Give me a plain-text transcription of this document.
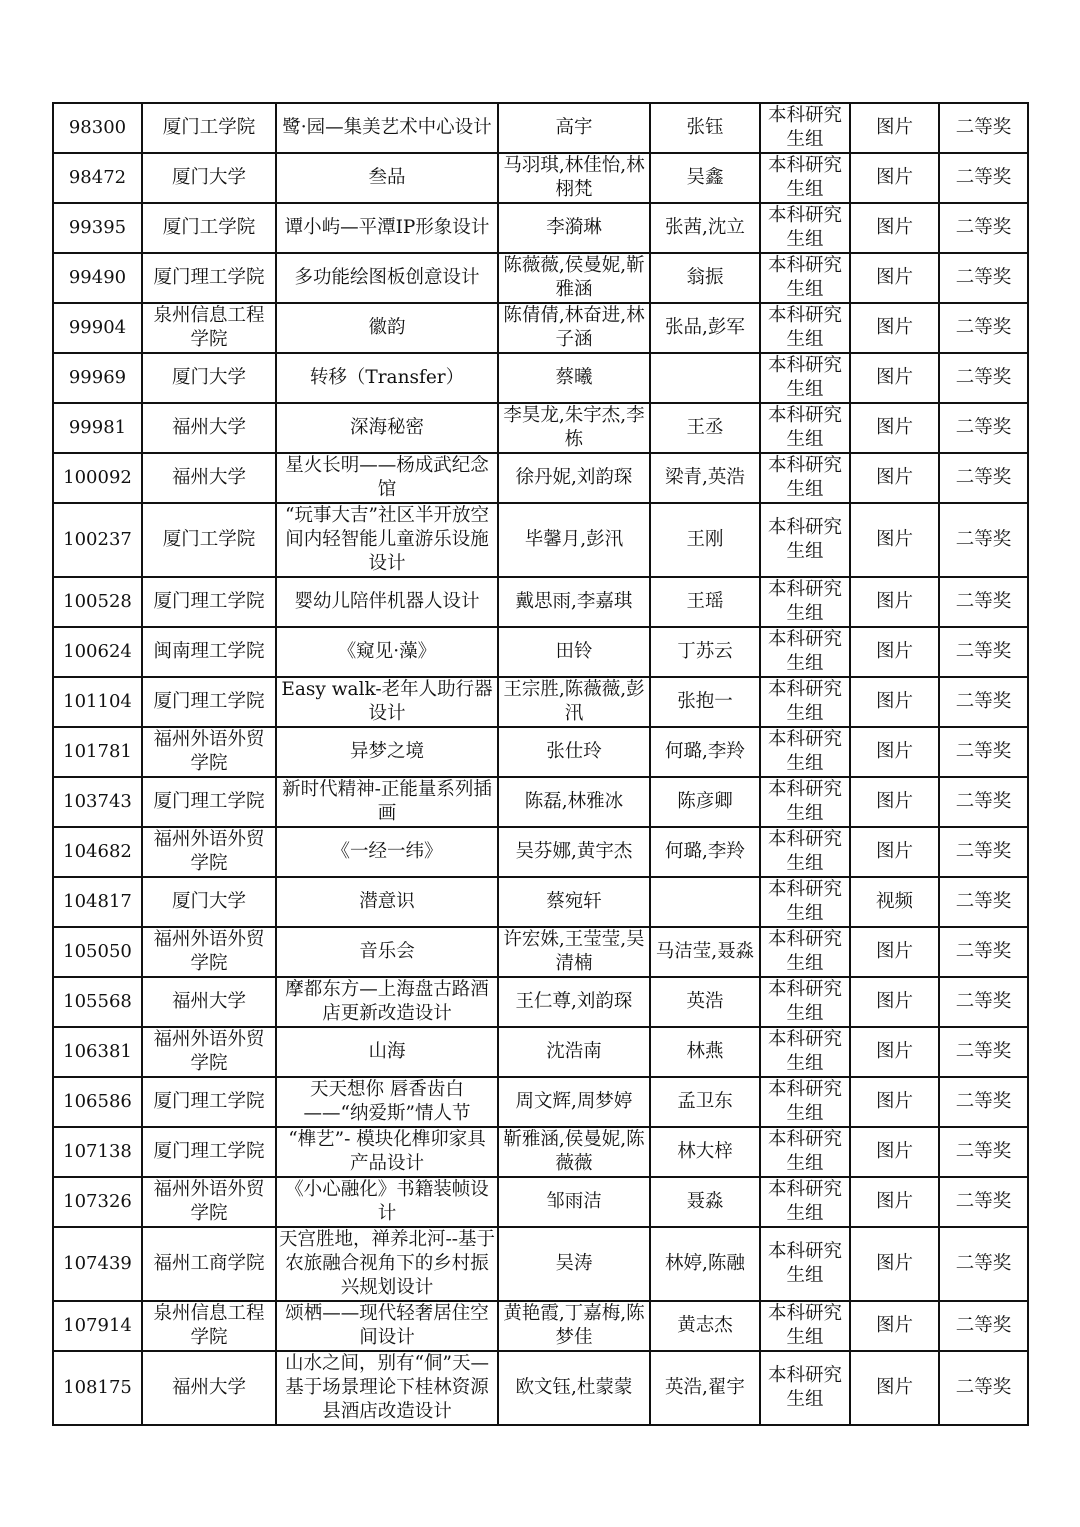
98300	厦门工学院	鹭·园—集美艺术中心设计	高宇	张钰	本科研究生组	图片	二等奖
98472	厦门大学	叁品	马羽琪,林佳怡,林栩梵	吴鑫	本科研究生组	图片	二等奖
99395	厦门工学院	谭小屿—平潭IP形象设计	李漪琳	张茜,沈立	本科研究生组	图片	二等奖
99490	厦门理工学院	多功能绘图板创意设计	陈薇薇,侯曼妮,靳雅涵	翁振	本科研究生组	图片	二等奖
99904	泉州信息工程学院	徽韵	陈倩倩,林奋进,林子涵	张品,彭军	本科研究生组	图片	二等奖
99969	厦门大学	转移（Transfer）	蔡曦		本科研究生组	图片	二等奖
99981	福州大学	深海秘密	李昊龙,朱宇杰,李栋	王丞	本科研究生组	图片	二等奖
100092	福州大学	星火长明——杨成武纪念馆	徐丹妮,刘韵琛	梁青,英浩	本科研究生组	图片	二等奖
100237	厦门工学院	“玩事大吉”社区半开放空间内轻智能儿童游乐设施设计	毕馨月,彭汛	王刚	本科研究生组	图片	二等奖
100528	厦门理工学院	婴幼儿陪伴机器人设计	戴思雨,李嘉琪	王瑶	本科研究生组	图片	二等奖
100624	闽南理工学院	《窥见·藻》	田铃	丁苏云	本科研究生组	图片	二等奖
101104	厦门理工学院	Easy walk-老年人助行器设计	王宗胜,陈薇薇,彭汛	张抱一	本科研究生组	图片	二等奖
101781	福州外语外贸学院	异梦之境	张仕玲	何璐,李羚	本科研究生组	图片	二等奖
103743	厦门理工学院	新时代精神-正能量系列插画	陈磊,林雅冰	陈彦卿	本科研究生组	图片	二等奖
104682	福州外语外贸学院	《一经一纬》	吴芬娜,黄宇杰	何璐,李羚	本科研究生组	图片	二等奖
104817	厦门大学	潜意识	蔡宛轩		本科研究生组	视频	二等奖
105050	福州外语外贸学院	音乐会	许宏姝,王莹莹,吴清楠	马洁莹,聂淼	本科研究生组	图片	二等奖
105568	福州大学	摩都东方—上海盘古路酒店更新改造设计	王仁尊,刘韵琛	英浩	本科研究生组	图片	二等奖
106381	福州外语外贸学院	山海	沈浩南	林燕	本科研究生组	图片	二等奖
106586	厦门理工学院	天天想你 唇香齿白——“纳爱斯”情人节	周文辉,周梦婷	孟卫东	本科研究生组	图片	二等奖
107138	厦门理工学院	“榫艺”- 模块化榫卯家具产品设计	靳雅涵,侯曼妮,陈薇薇	林大梓	本科研究生组	图片	二等奖
107326	福州外语外贸学院	《小心融化》书籍装帧设计	邹雨洁	聂淼	本科研究生组	图片	二等奖
107439	福州工商学院	天宫胜地，禅养北河--基于农旅融合视角下的乡村振兴规划设计	吴涛	林婷,陈融	本科研究生组	图片	二等奖
107914	泉州信息工程学院	颂栖——现代轻奢居住空间设计	黄艳霞,丁嘉梅,陈梦佳	黄志杰	本科研究生组	图片	二等奖
108175	福州大学	山水之间，别有“侗”天—基于场景理论下桂林资源县酒店改造设计	欧文钰,杜蒙蒙	英浩,翟宇	本科研究生组	图片	二等奖
